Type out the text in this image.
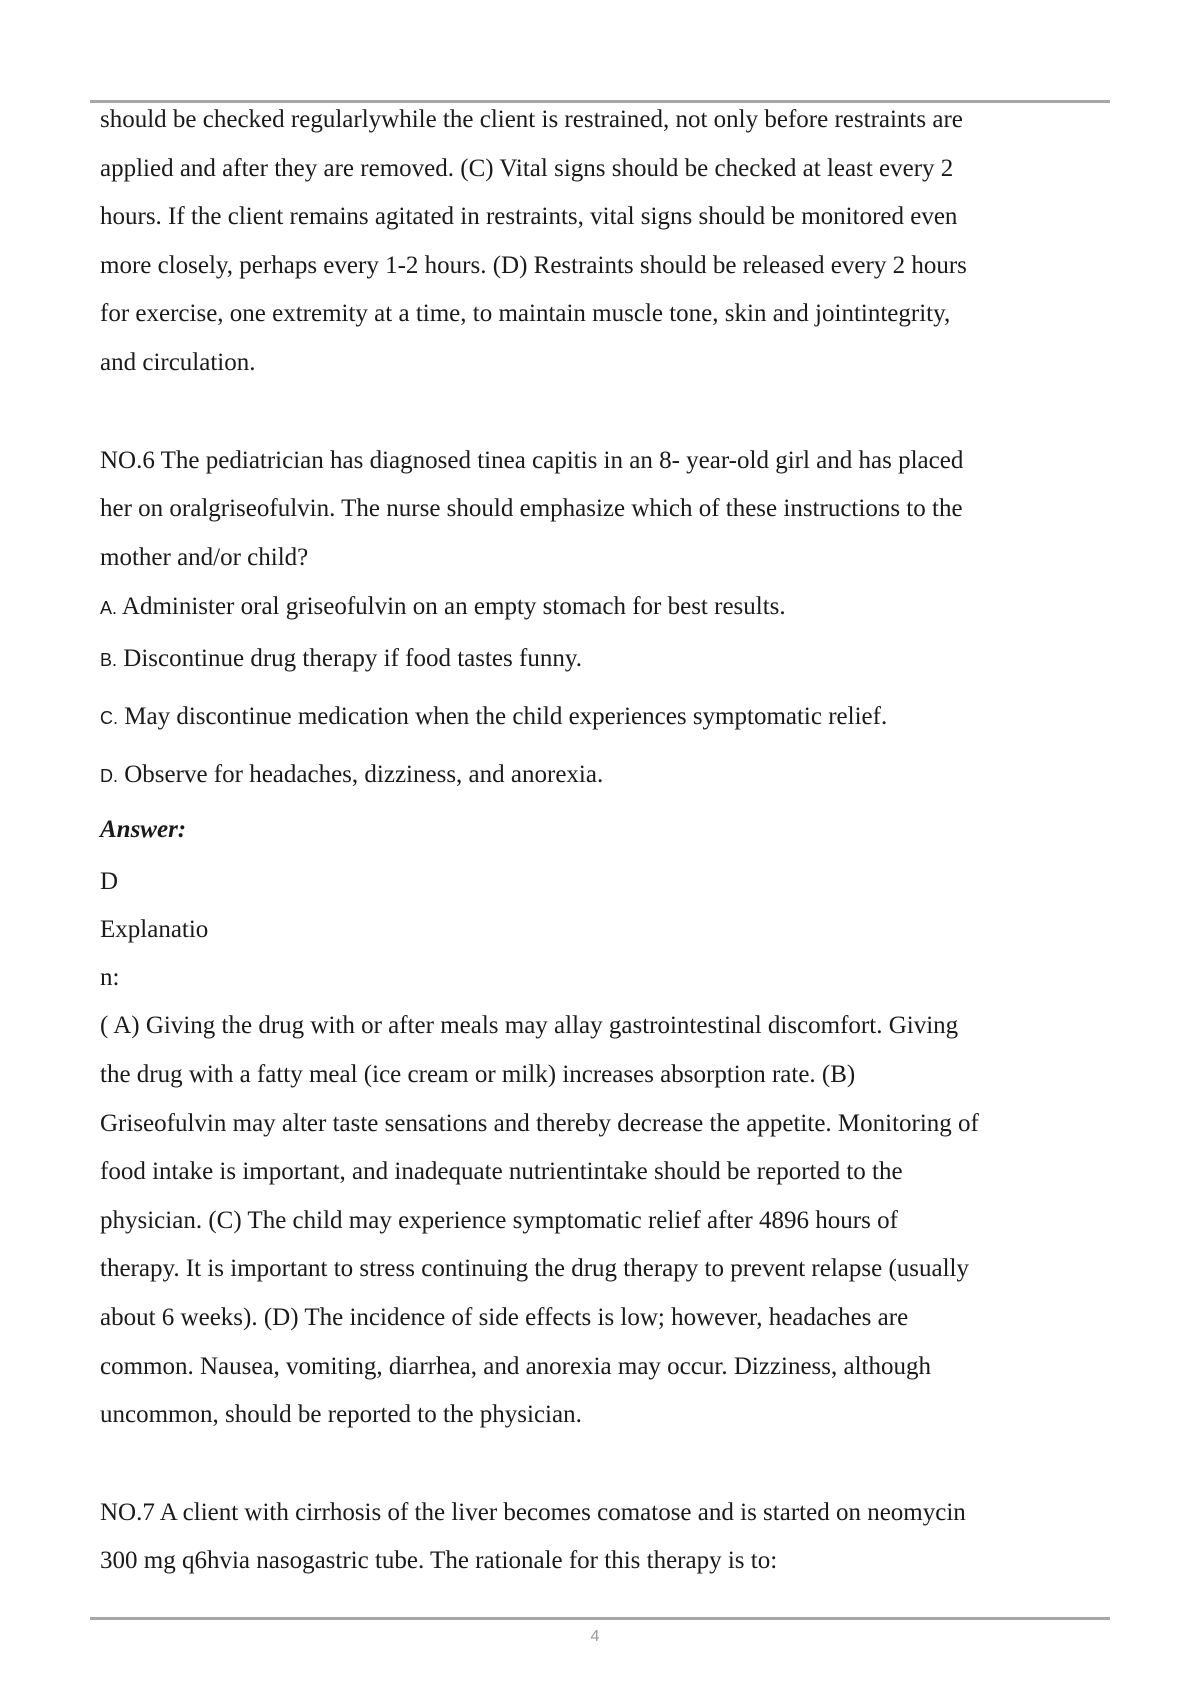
should be checked regularlywhile the client is restrained, not only before restraints are

applied and after they are removed. (C) Vital signs should be checked at least every 2

hours. If the client remains agitated in restraints, vital signs should be monitored even

more closely, perhaps every 1-2 hours. (D) Restraints should be released every 2 hours

for exercise, one extremity at a time, to maintain muscle tone, skin and jointintegrity,

and circulation.

NO.6 The pediatrician has diagnosed tinea capitis in an 8- year-old girl and has placed

her on oralgriseofulvin. The nurse should emphasize which of these instructions to the

mother and/or child?

A. Administer oral griseofulvin on an empty stomach for best results.

B. Discontinue drug therapy if food tastes funny.

C. May discontinue medication when the child experiences symptomatic relief.

D. Observe for headaches, dizziness, and anorexia.

Answer:

D

Explanatio

n:

( A) Giving the drug with or after meals may allay gastrointestinal discomfort. Giving

the drug with a fatty meal (ice cream or milk) increases absorption rate. (B)

Griseofulvin may alter taste sensations and thereby decrease the appetite. Monitoring of

food intake is important, and inadequate nutrientintake should be reported to the

physician. (C) The child may experience symptomatic relief after 4896 hours of

therapy. It is important to stress continuing the drug therapy to prevent relapse (usually

about 6 weeks). (D) The incidence of side effects is low; however, headaches are

common. Nausea, vomiting, diarrhea, and anorexia may occur. Dizziness, although

uncommon, should be reported to the physician.

NO.7 A client with cirrhosis of the liver becomes comatose and is started on neomycin

300 mg q6hvia nasogastric tube. The rationale for this therapy is to:

4
